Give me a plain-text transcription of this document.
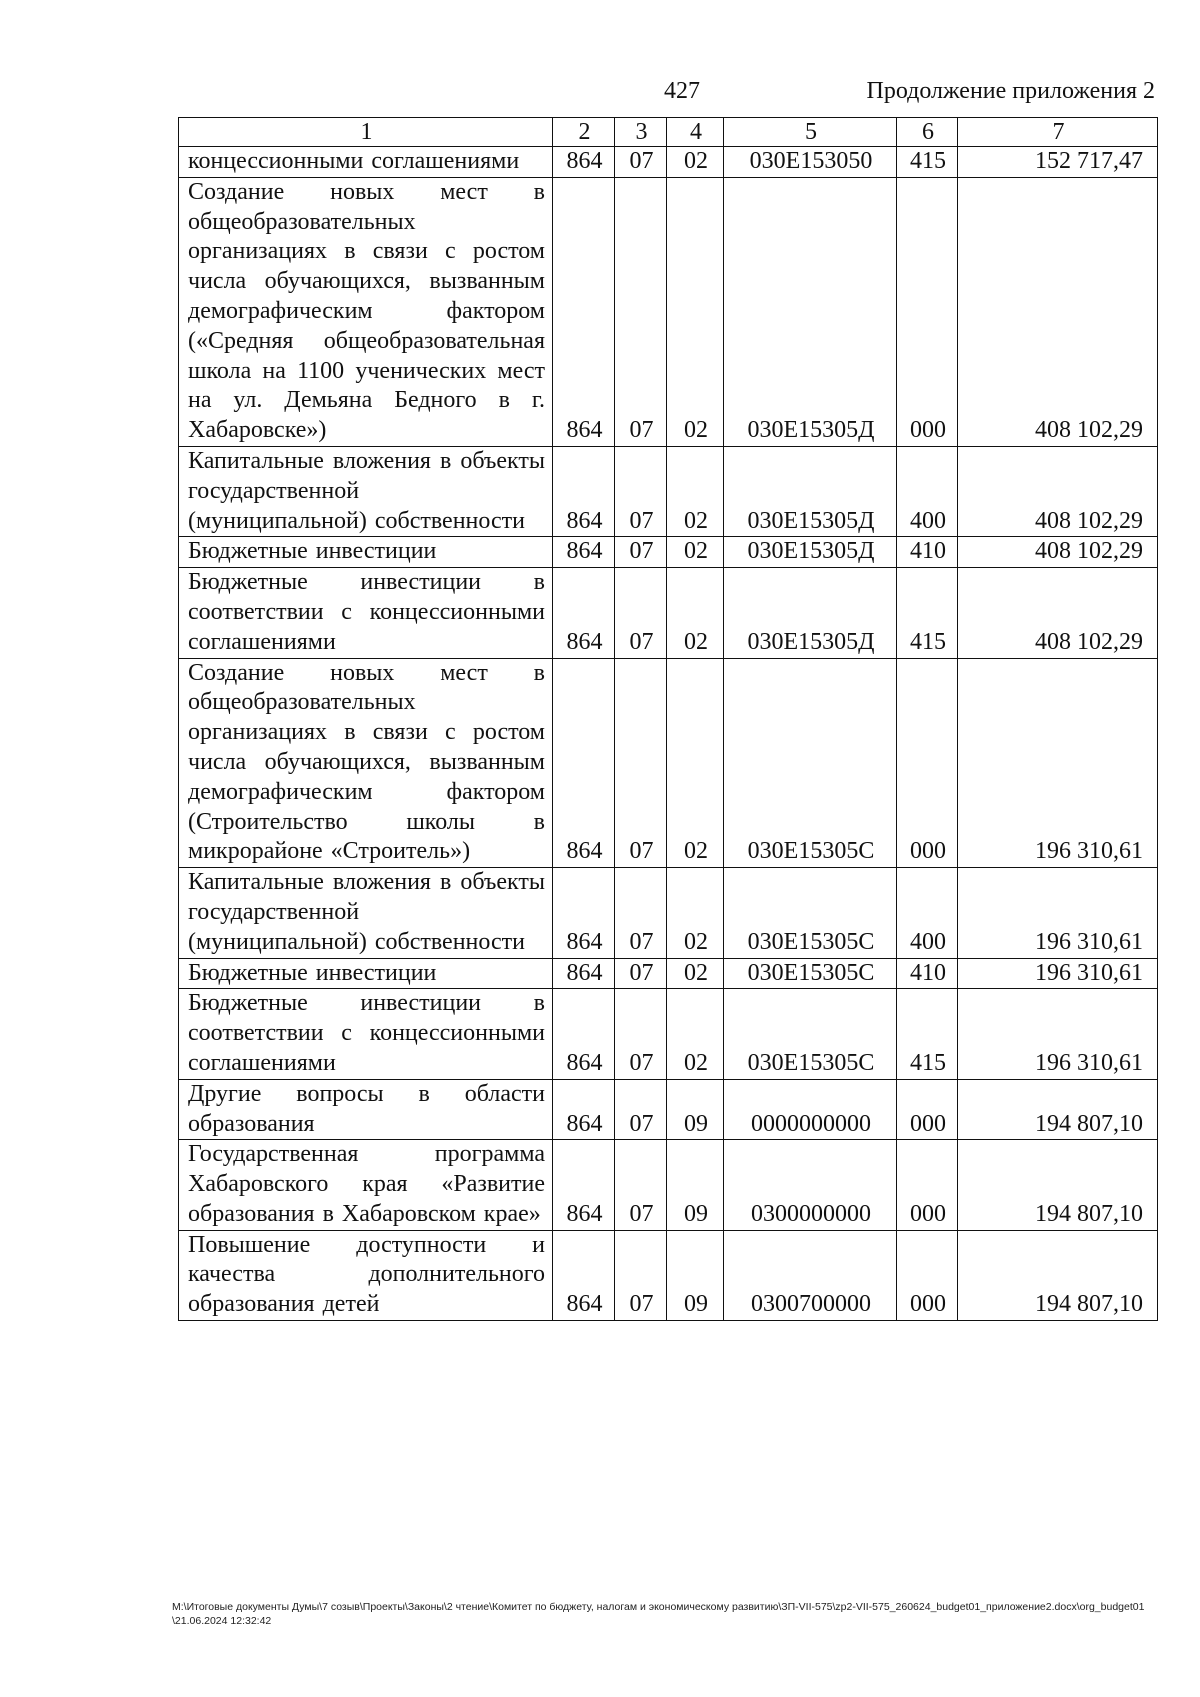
427	Продолжение приложения 2
1	2	3	4	5	6	7
концессионными соглашениями	864	07	02	030Е153050	415	152 717,47
Создание новых мест в общеобразовательных организациях в связи с ростом числа обучающихся, вызванным демографическим фактором («Средняя общеобразовательная школа на 1100 ученических мест на ул. Демьяна Бедного в г. Хабаровске»)	864	07	02	030Е15305Д	000	408 102,29
Капитальные вложения в объекты государственной (муниципальной) собственности	864	07	02	030Е15305Д	400	408 102,29
Бюджетные инвестиции	864	07	02	030Е15305Д	410	408 102,29
Бюджетные инвестиции в соответствии с концессионными соглашениями	864	07	02	030Е15305Д	415	408 102,29
Создание новых мест в общеобразовательных организациях в связи с ростом числа обучающихся, вызванным демографическим фактором (Строительство школы в микрорайоне «Строитель»)	864	07	02	030Е15305С	000	196 310,61
Капитальные вложения в объекты государственной (муниципальной) собственности	864	07	02	030Е15305С	400	196 310,61
Бюджетные инвестиции	864	07	02	030Е15305С	410	196 310,61
Бюджетные инвестиции в соответствии с концессионными соглашениями	864	07	02	030Е15305С	415	196 310,61
Другие вопросы в области образования	864	07	09	0000000000	000	194 807,10
Государственная программа Хабаровского края «Развитие образования в Хабаровском крае»	864	07	09	0300000000	000	194 807,10
Повышение доступности и качества дополнительного образования детей	864	07	09	0300700000	000	194 807,10
M:\Итоговые документы Думы\7 созыв\Проекты\Законы\2 чтение\Комитет по бюджету, налогам и экономическому развитию\ЗП-VII-575\zp2-VII-575_260624_budget01_приложение2.docx\org_budget01\21.06.2024 12:32:42
